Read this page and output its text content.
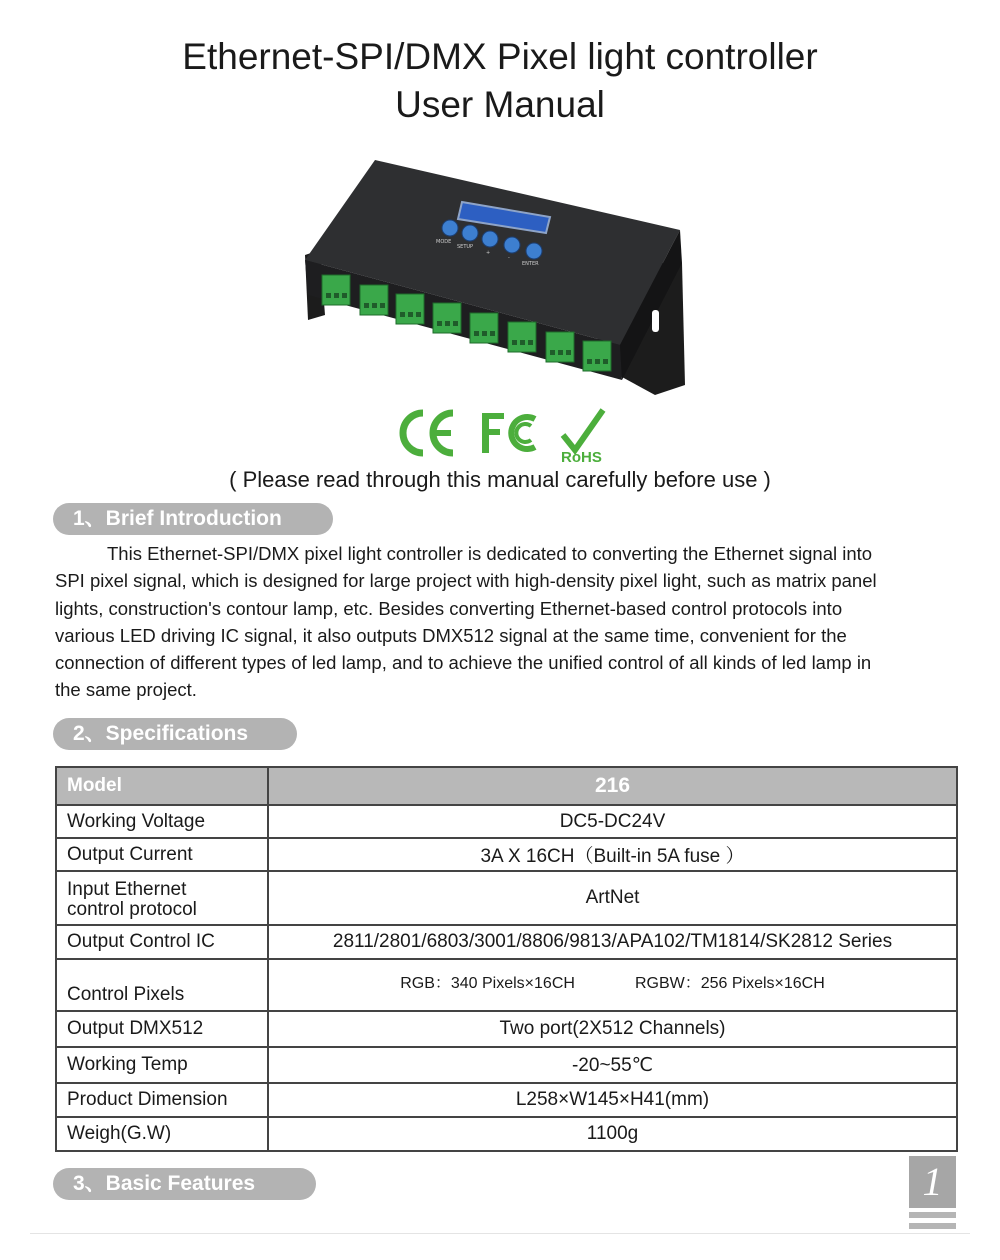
Ethernet-SPI/DMX Pixel light controller
User Manual
MODE
SETUP
+
-
ENTER
RoHS
( Please read through this manual carefully before use )
1、Brief Introduction

This Ethernet-SPI/DMX pixel light controller is dedicated to converting the Ethernet signal into

SPI pixel signal, which is designed for large project with high-density pixel light, such as matrix panel
lights, construction's contour lamp, etc. Besides converting Ethernet-based control protocols into
various LED driving IC signal, it also outputs DMX512 signal at the same time, convenient for the
connection of different types of led lamp, and to achieve the unified control of all kinds of led lamp in
the same project.
2、Specifications
Model	216
Working Voltage	DC5-DC24V
Output Current	3A X 16CH（Built-in 5A fuse ）

Input Ethernet
control protocol	ArtNet
Output Control IC	2811/2801/6803/3001/8806/9813/APA102/TM1814/SK2812 Series
Control Pixels	RGB：340 Pixels×16CH RGBW：256 Pixels×16CH

Output DMX512	Two port(2X512 Channels)
Working Temp	-20~55℃
Product Dimension	L258×W145×H41(mm)
Weigh(G.W)	1100g
3、Basic Features	1
